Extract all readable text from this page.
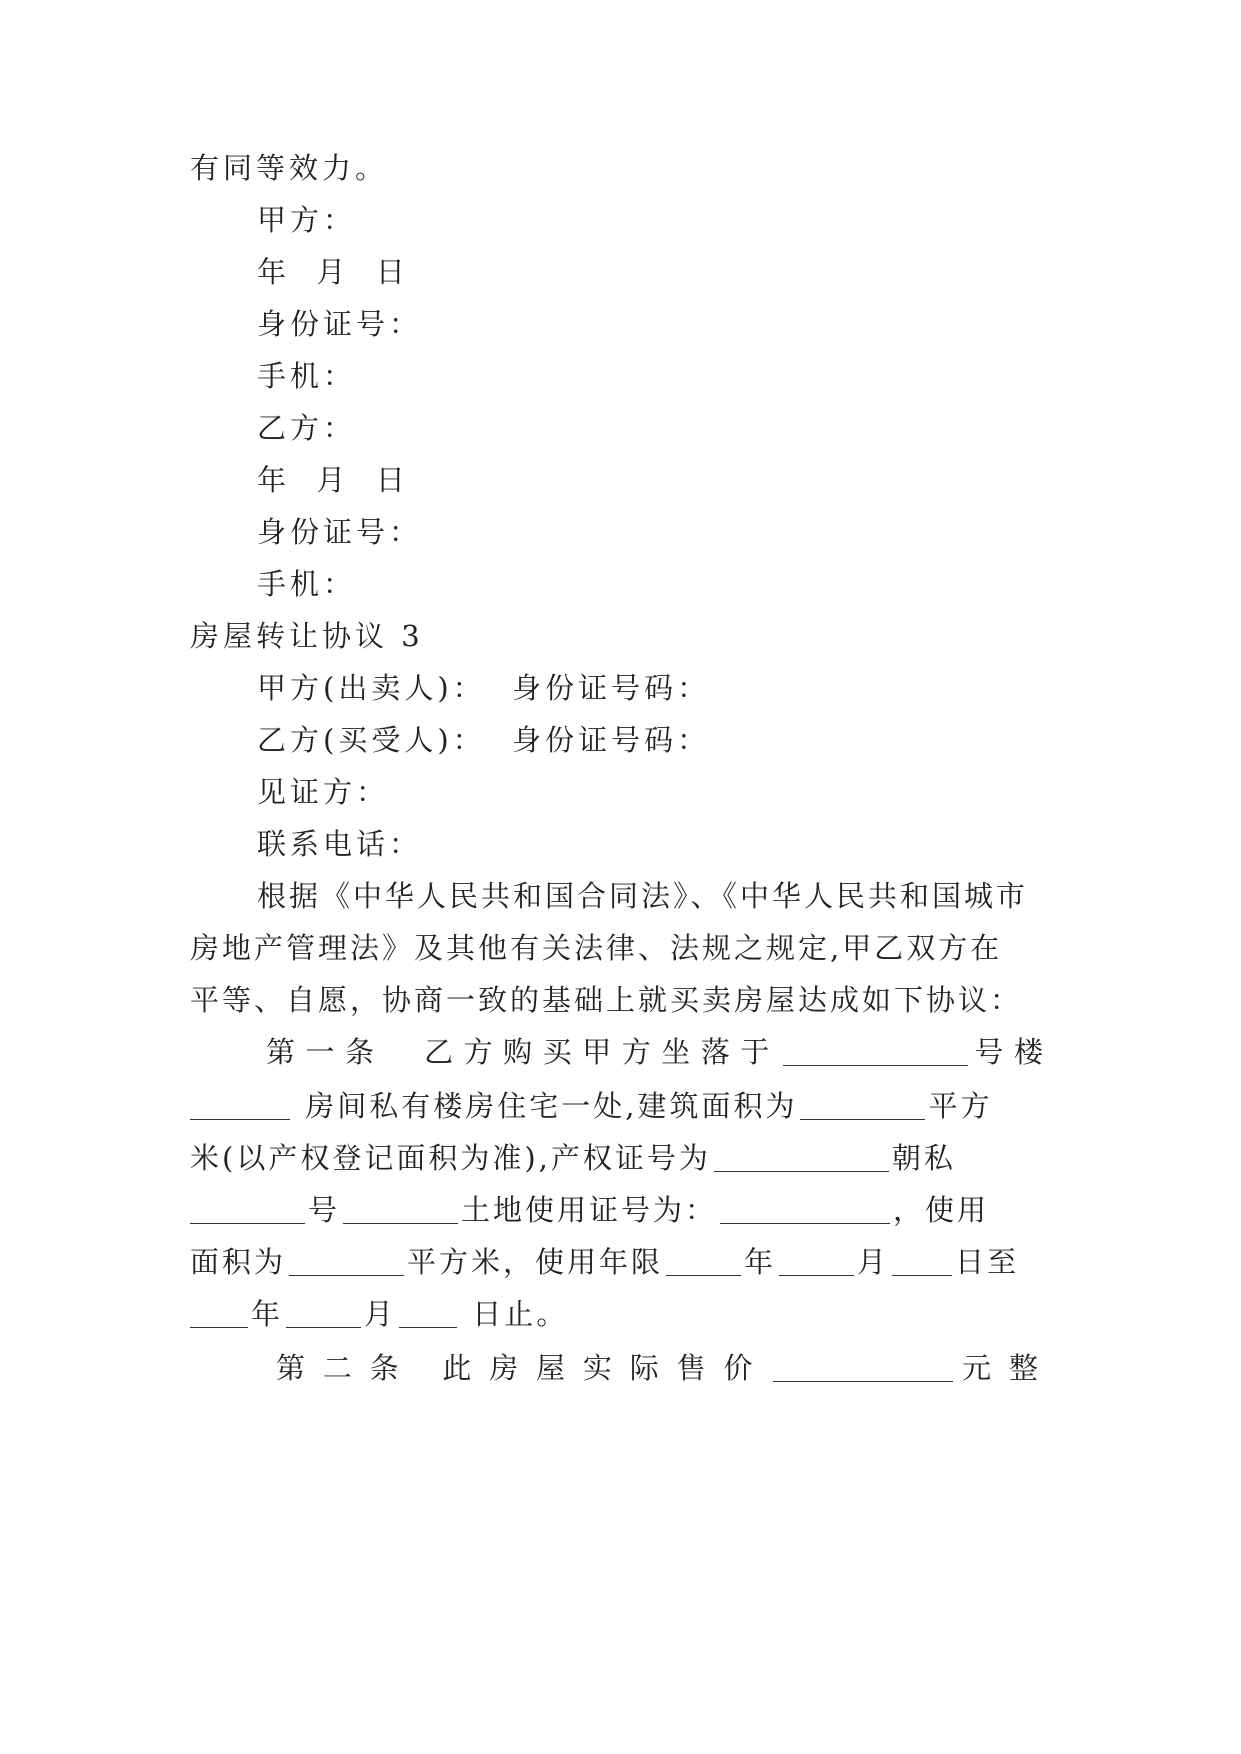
有同等效力。
甲方：
年  月  日
身份证号：
手机：
乙方：
年  月  日
身份证号：
手机：
房屋转让协议 3
甲方(出卖人)：  身份证号码：
乙方(买受人)：  身份证号码：
见证方：
联系电话：
根据《中华人民共和国合同法》、《中华人民共和国城市
房地产管理法》及其他有关法律、法规之规定,甲乙双方在
平等、自愿，协商一致的基础上就买卖房屋达成如下协议：
第一条 乙方购买甲方坐落于	号楼
房间私有楼房住宅一处,建筑面积为	平方
米(以产权登记面积为准),产权证号为	朝私
号	土地使用证号为：	，使用
面积为	平方米，使用年限	年	月 日至
年	月	日止。
第二条 此房屋实际售价	元整
